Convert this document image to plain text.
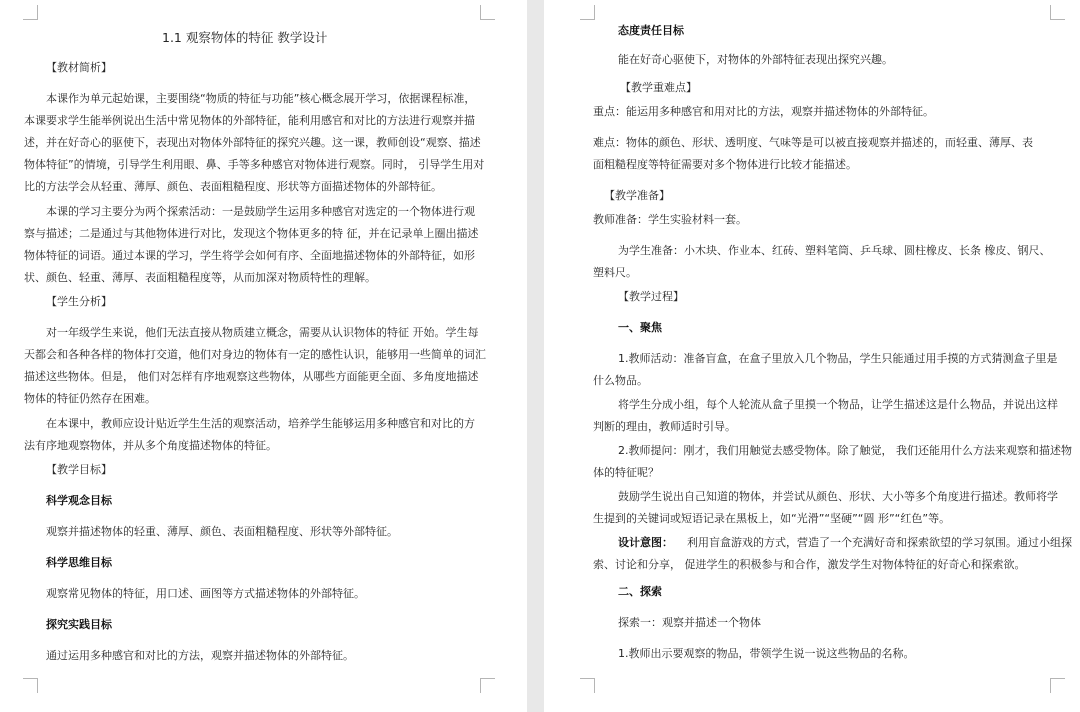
1.1 观察物体的特征 教学设计
【教材简析】
本课作为单元起始课，主要围绕“物质的特征与功能”核心概念展开学习，依据课程标准，
本课要求学生能举例说出生活中常见物体的外部特征，能利用感官和对比的方法进行观察并描
述，并在好奇心的驱使下，表现出对物体外部特征的探究兴趣。这一课，教师创设“观察、描述
物体特征”的情境，引导学生利用眼、鼻、手等多种感官对物体进行观察。同时， 引导学生用对
比的方法学会从轻重、薄厚、颜色、表面粗糙程度、形状等方面描述物体的外部特征。
本课的学习主要分为两个探索活动：一是鼓励学生运用多种感官对选定的一个物体进行观
察与描述；二是通过与其他物体进行对比，发现这个物体更多的特 征，并在记录单上圈出描述
物体特征的词语。通过本课的学习，学生将学会如何有序、全面地描述物体的外部特征，如形
状、颜色、轻重、薄厚、表面粗糙程度等，从而加深对物质特性的理解。
【学生分析】
对一年级学生来说，他们无法直接从物质建立概念，需要从认识物体的特征 开始。学生每
天都会和各种各样的物体打交道，他们对身边的物体有一定的感性认识，能够用一些简单的词汇
描述这些物体。但是， 他们对怎样有序地观察这些物体，从哪些方面能更全面、多角度地描述
物体的特征仍然存在困难。
在本课中，教师应设计贴近学生生活的观察活动，培养学生能够运用多种感官和对比的方
法有序地观察物体，并从多个角度描述物体的特征。
【教学目标】
科学观念目标
观察并描述物体的轻重、薄厚、颜色、表面粗糙程度、形状等外部特征。
科学思维目标
观察常见物体的特征，用口述、画图等方式描述物体的外部特征。
探究实践目标
通过运用多种感官和对比的方法，观察并描述物体的外部特征。
态度责任目标
能在好奇心驱使下，对物体的外部特征表现出探究兴趣。
【教学重难点】
重点：能运用多种感官和用对比的方法，观察并描述物体的外部特征。
难点：物体的颜色、形状、透明度、气味等是可以被直接观察并描述的，而轻重、薄厚、表
面粗糙程度等特征需要对多个物体进行比较才能描述。
【教学准备】
教师准备：学生实验材料一套。
为学生准备：小木块、作业本、红砖、塑料笔筒、乒乓球、圆柱橡皮、长条 橡皮、钢尺、
塑料尺。
【教学过程】
一、聚焦
1.教师活动：准备盲盒，在盒子里放入几个物品，学生只能通过用手摸的方式猜测盒子里是
什么物品。
将学生分成小组，每个人轮流从盒子里摸一个物品，让学生描述这是什么物品，并说出这样
判断的理由，教师适时引导。
2.教师提问：刚才，我们用触觉去感受物体。除了触觉， 我们还能用什么方法来观察和描述物
体的特征呢？
鼓励学生说出自己知道的物体，并尝试从颜色、形状、大小等多个角度进行描述。教师将学
生提到的关键词或短语记录在黑板上，如“光滑”“坚硬”“圆 形”“红色”等。
设计意图： 利用盲盒游戏的方式，营造了一个充满好奇和探索欲望的学习氛围。通过小组探
索、讨论和分享， 促进学生的积极参与和合作，激发学生对物体特征的好奇心和探索欲。
二、探索
探索一：观察并描述一个物体
1.教师出示要观察的物品，带领学生说一说这些物品的名称。
